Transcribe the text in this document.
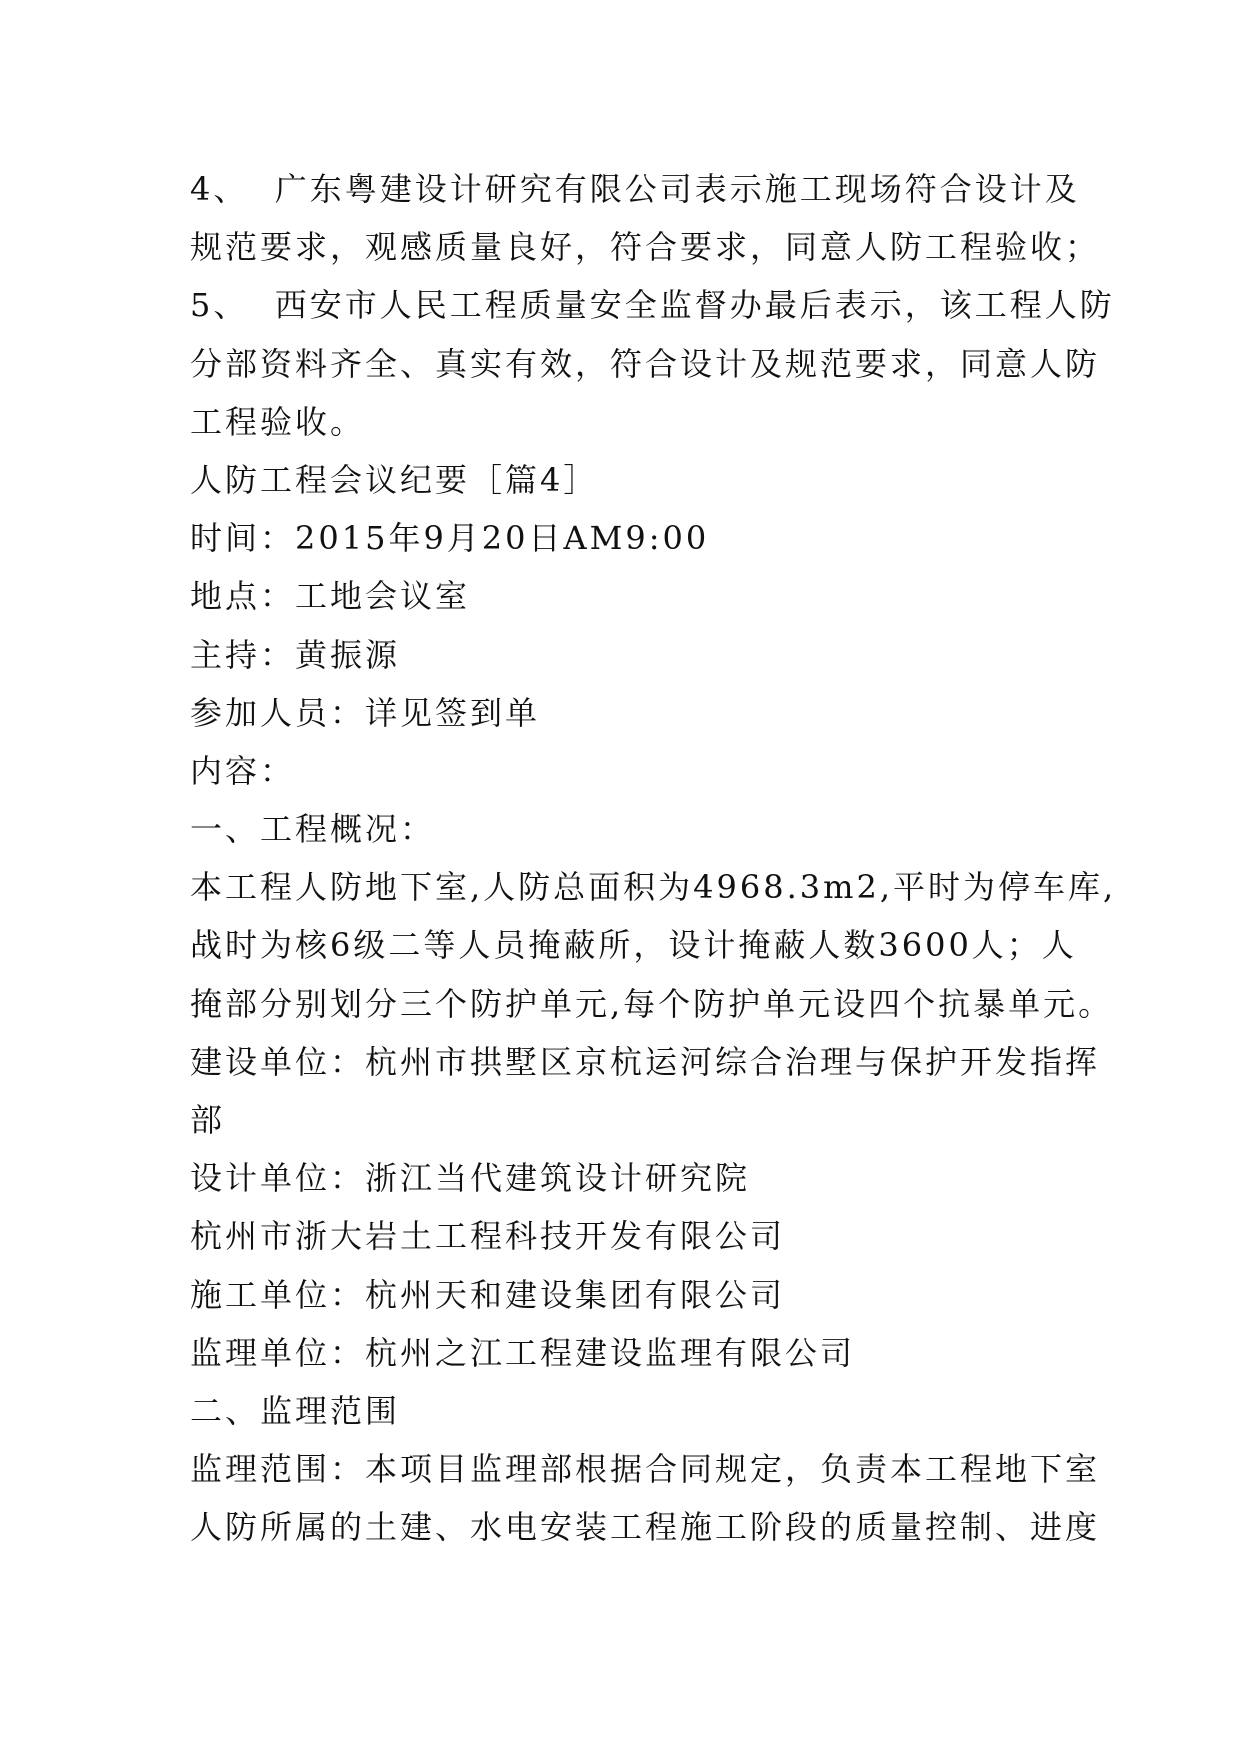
4、  广东粤建设计研究有限公司表示施工现场符合设计及
规范要求，观感质量良好，符合要求，同意人防工程验收；
5、  西安市人民工程质量安全监督办最后表示，该工程人防
分部资料齐全、真实有效，符合设计及规范要求，同意人防
工程验收。
人防工程会议纪要［篇4］
时间：2015年9月20日AM9:00
地点：工地会议室
主持：黄振源
参加人员：详见签到单
内容：
一、工程概况：
本工程人防地下室,人防总面积为4968.3m2,平时为停车库,
战时为核6级二等人员掩蔽所，设计掩蔽人数3600人；人
掩部分别划分三个防护单元,每个防护单元设四个抗暴单元。
建设单位：杭州市拱墅区京杭运河综合治理与保护开发指挥
部
设计单位：浙江当代建筑设计研究院
杭州市浙大岩土工程科技开发有限公司
施工单位：杭州天和建设集团有限公司
监理单位：杭州之江工程建设监理有限公司
二、监理范围
监理范围：本项目监理部根据合同规定，负责本工程地下室
人防所属的土建、水电安装工程施工阶段的质量控制、进度
